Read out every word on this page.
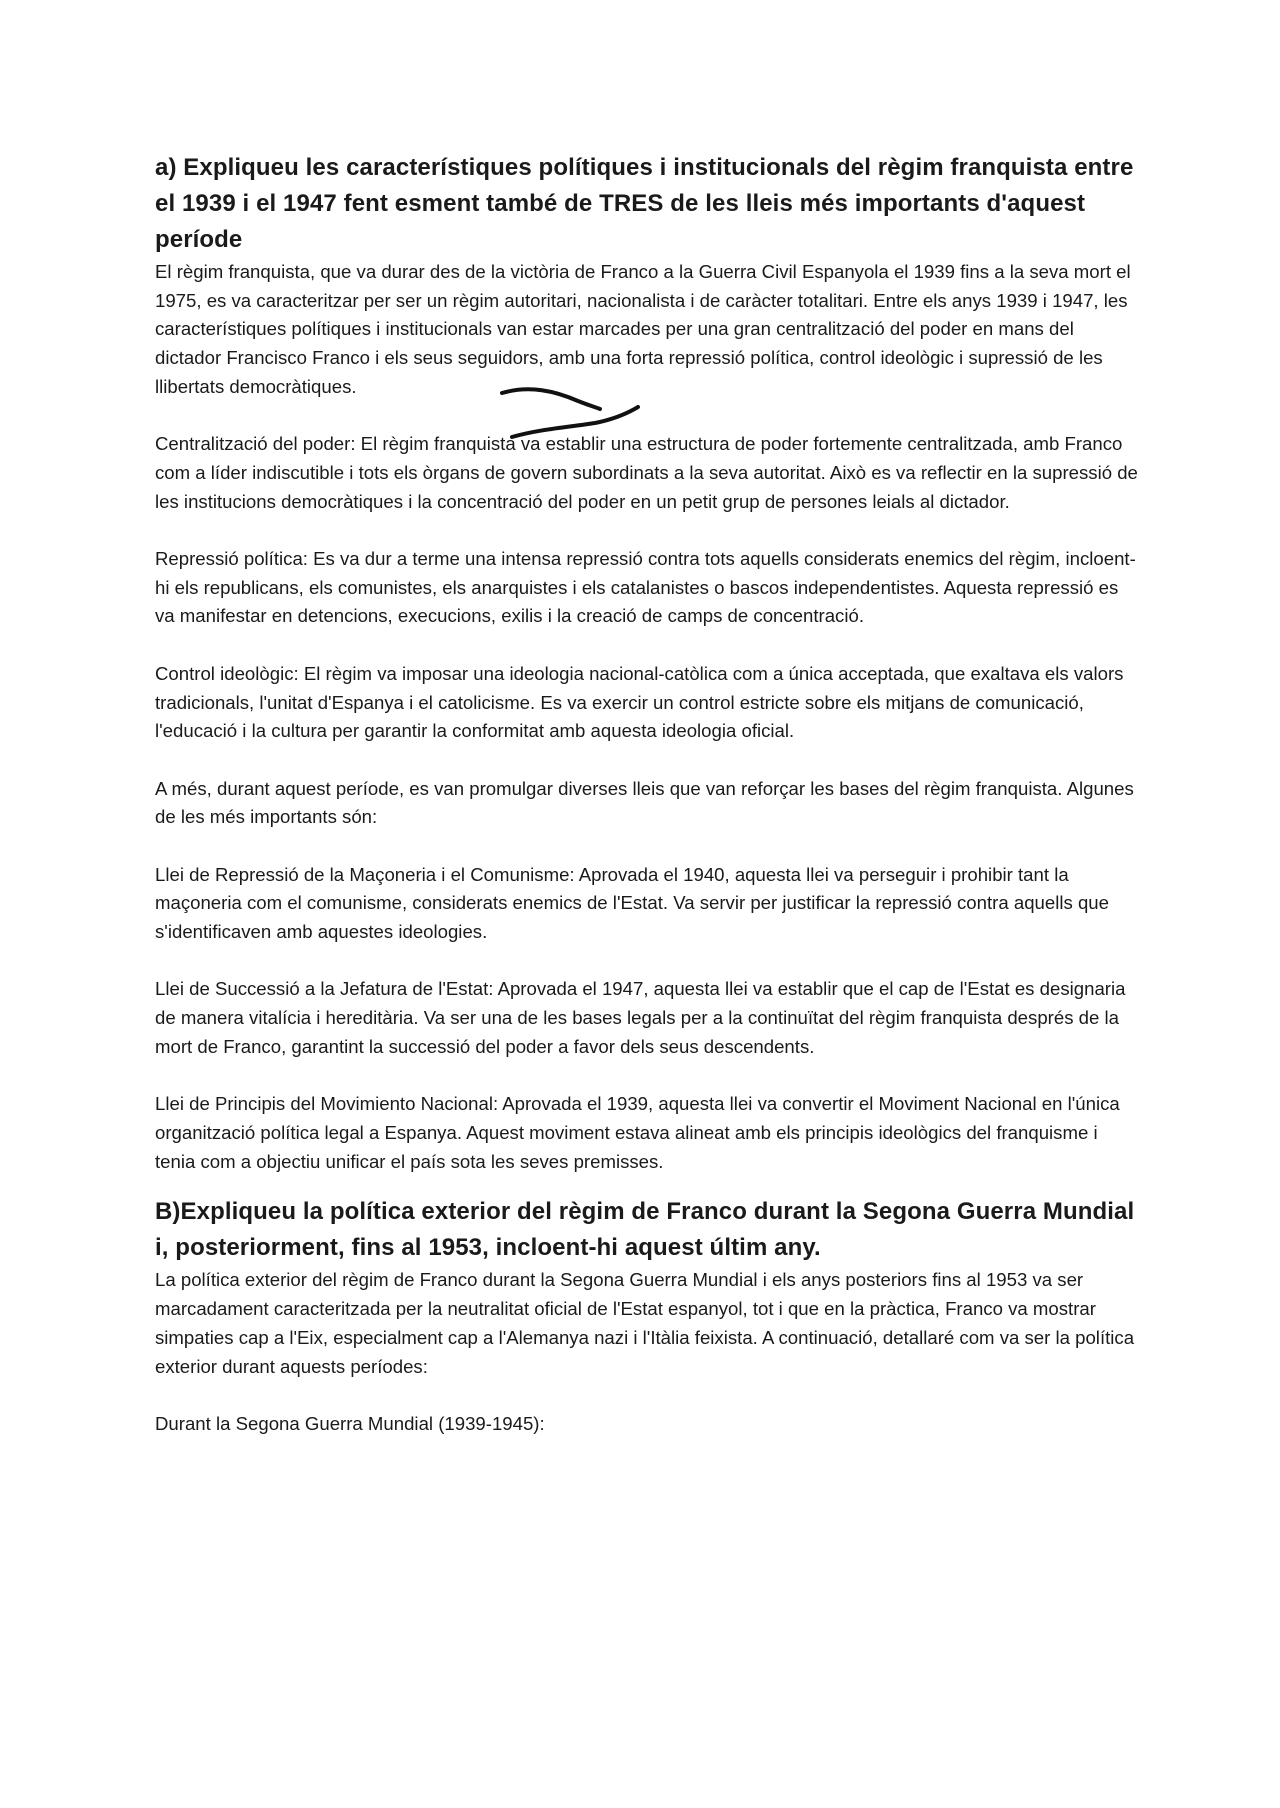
a) Expliqueu les característiques polítiques i institucionals del règim franquista entre el 1939 i el 1947 fent esment també de TRES de les lleis més importants d'aquest període

El règim franquista, que va durar des de la victòria de Franco a la Guerra Civil Espanyola el 1939 fins a la seva mort el 1975, es va caracteritzar per ser un règim autoritari, nacionalista i de caràcter totalitari. Entre els anys 1939 i 1947, les característiques polítiques i institucionals van estar marcades per una gran centralització del poder en mans del dictador Francisco Franco i els seus seguidors, amb una forta repressió política, control ideològic i supressió de les llibertats democràtiques.

Centralització del poder: El règim franquista va establir una estructura de poder fortemente centralitzada, amb Franco com a líder indiscutible i tots els òrgans de govern subordinats a la seva autoritat. Això es va reflectir en la supressió de les institucions democràtiques i la concentració del poder en un petit grup de persones leials al dictador.

Repressió política: Es va dur a terme una intensa repressió contra tots aquells considerats enemics del règim, incloent-hi els republicans, els comunistes, els anarquistes i els catalanistes o bascos independentistes. Aquesta repressió es va manifestar en detencions, execucions, exilis i la creació de camps de concentració.

Control ideològic: El règim va imposar una ideologia nacional-catòlica com a única acceptada, que exaltava els valors tradicionals, l'unitat d'Espanya i el catolicisme. Es va exercir un control estricte sobre els mitjans de comunicació, l'educació i la cultura per garantir la conformitat amb aquesta ideologia oficial.

A més, durant aquest període, es van promulgar diverses lleis que van reforçar les bases del règim franquista. Algunes de les més importants són:

Llei de Repressió de la Maçoneria i el Comunisme: Aprovada el 1940, aquesta llei va perseguir i prohibir tant la maçoneria com el comunisme, considerats enemics de l'Estat. Va servir per justificar la repressió contra aquells que s'identificaven amb aquestes ideologies.

Llei de Successió a la Jefatura de l'Estat: Aprovada el 1947, aquesta llei va establir que el cap de l'Estat es designaria de manera vitalícia i hereditària. Va ser una de les bases legals per a la continuïtat del règim franquista després de la mort de Franco, garantint la successió del poder a favor dels seus descendents.

Llei de Principis del Movimiento Nacional: Aprovada el 1939, aquesta llei va convertir el Moviment Nacional en l'única organització política legal a Espanya. Aquest moviment estava alineat amb els principis ideològics del franquisme i tenia com a objectiu unificar el país sota les seves premisses.

B)Expliqueu la política exterior del règim de Franco durant la Segona Guerra Mundial i, posteriorment, fins al 1953, incloent-hi aquest últim any.

La política exterior del règim de Franco durant la Segona Guerra Mundial i els anys posteriors fins al 1953 va ser marcadament caracteritzada per la neutralitat oficial de l'Estat espanyol, tot i que en la pràctica, Franco va mostrar simpaties cap a l'Eix, especialment cap a l'Alemanya nazi i l'Itàlia feixista. A continuació, detallaré com va ser la política exterior durant aquests períodes:

Durant la Segona Guerra Mundial (1939-1945):
